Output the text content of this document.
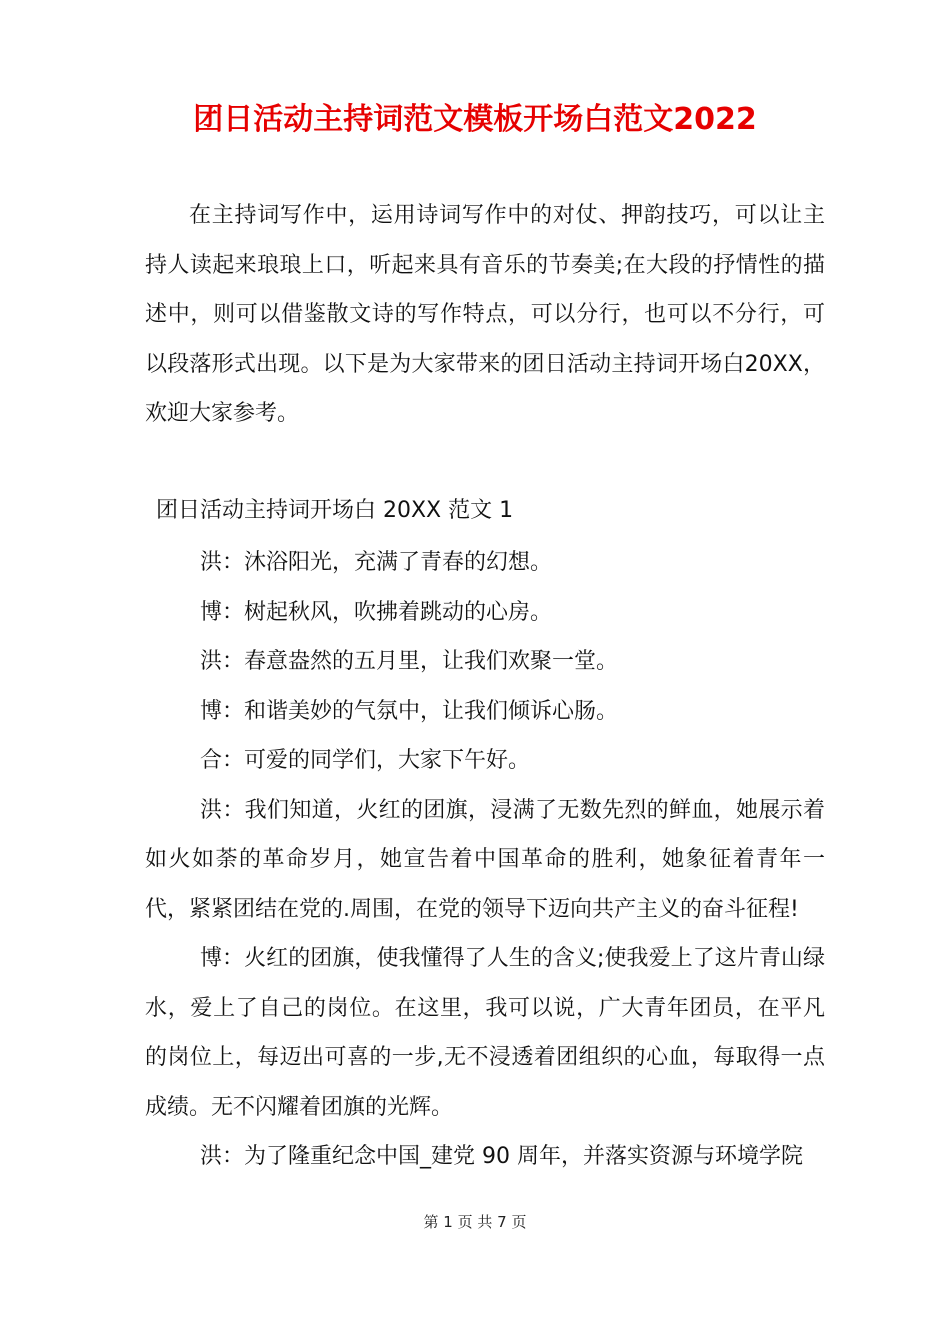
团日活动主持词范文模板开场白范文2022

在主持词写作中，运用诗词写作中的对仗、押韵技巧，可以让主持人读起来琅琅上口，听起来具有音乐的节奏美;在大段的抒情性的描述中，则可以借鉴散文诗的写作特点，可以分行，也可以不分行，可以段落形式出现。以下是为大家带来的团日活动主持词开场白20XX，欢迎大家参考。

团日活动主持词开场白 20XX 范文 1

洪：沐浴阳光，充满了青春的幻想。

博：树起秋风，吹拂着跳动的心房。

洪：春意盎然的五月里，让我们欢聚一堂。

博：和谐美妙的气氛中，让我们倾诉心肠。

合：可爱的同学们，大家下午好。

洪：我们知道，火红的团旗，浸满了无数先烈的鲜血，她展示着如火如荼的革命岁月，她宣告着中国革命的胜利，她象征着青年一代，紧紧团结在党的.周围，在党的领导下迈向共产主义的奋斗征程!

博：火红的团旗，使我懂得了人生的含义;使我爱上了这片青山绿水，爱上了自己的岗位。在这里，我可以说，广大青年团员，在平凡的岗位上，每迈出可喜的一步,无不浸透着团组织的心血，每取得一点成绩。无不闪耀着团旗的光辉。

洪：为了隆重纪念中国_建党 90 周年，并落实资源与环境学院

第 1 页 共 7 页
